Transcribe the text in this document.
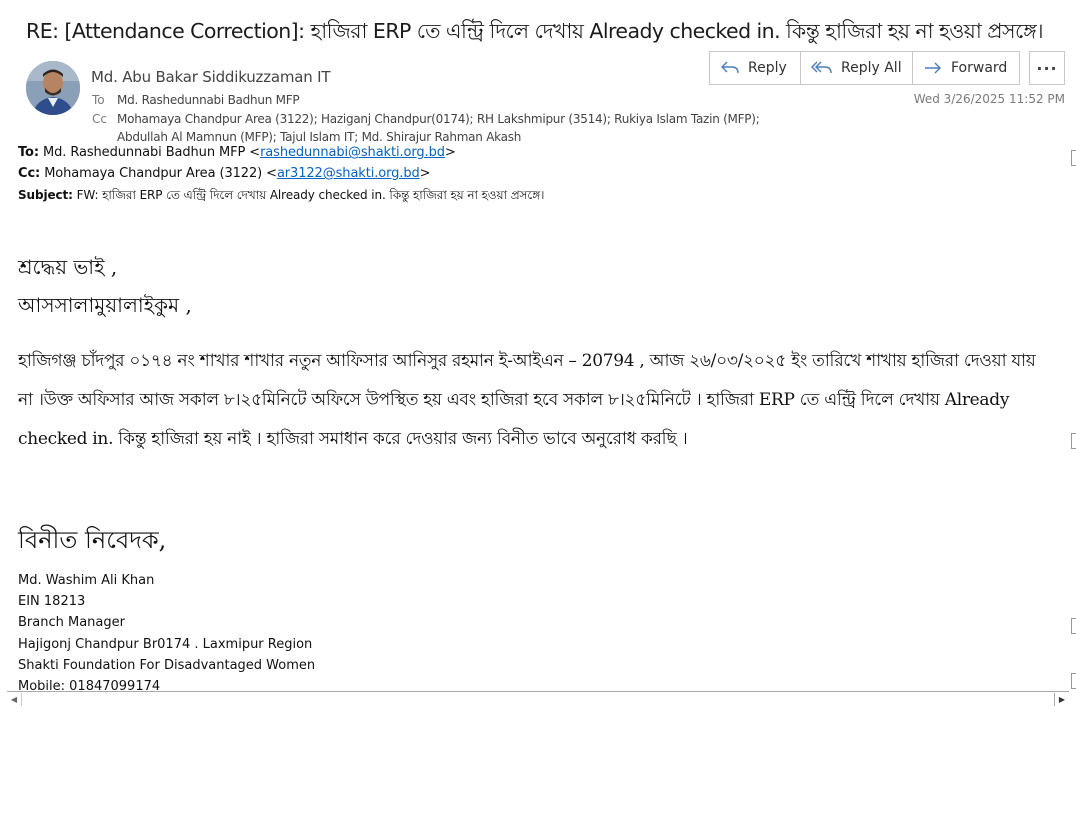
RE: [Attendance Correction]: হাজিরা ERP তে এন্ট্রি দিলে দেখায় Already checked in. কিন্তু হাজিরা হয় না হওয়া প্রসঙ্গে।
Md. Abu Bakar Siddikuzzaman IT
To Md. Rashedunnabi Badhun MFP
Cc Mohamaya Chandpur Area (3122); Haziganj Chandpur(0174); RH Lakshmipur (3514); Rukiya Islam Tazin (MFP);
Abdullah Al Mamnun (MFP); Tajul Islam IT; Md. Shirajur Rahman Akash
Reply	Reply All	Forward ···
Wed 3/26/2025 11:52 PM
To: Md. Rashedunnabi Badhun MFP <rashedunnabi@shakti.org.bd>
Cc: Mohamaya Chandpur Area (3122) <ar3122@shakti.org.bd>
Subject: FW: হাজিরা ERP তে এন্ট্রি দিলে দেখায় Already checked in. কিন্তু হাজিরা হয় না হওয়া প্রসঙ্গে।
শ্রদ্ধেয় ভাই ,
আসসালামুয়ালাইকুম ,
হাজিগঞ্জ চাঁদপুর ০১৭৪ নং শাখার শাখার নতুন আফিসার আনিসুর রহমান ই-আইএন – 20794 , আজ ২৬/০৩/২০২৫ ইং তারিখে শাখায় হাজিরা দেওয়া যায় না ।উক্ত অফিসার আজ সকাল ৮।২৫মিনিটে অফিসে উপস্থিত হয় এবং হাজিরা হবে সকাল ৮।২৫মিনিটে । হাজিরা ERP তে এন্ট্রি দিলে দেখায় Already checked in. কিন্তু হাজিরা হয় নাই । হাজিরা সমাধান করে দেওয়ার জন্য বিনীত ভাবে অনুরোধ করছি ।
বিনীত নিবেদক,
Md. Washim Ali Khan
EIN 18213
Branch Manager
Hajigonj Chandpur Br0174 . Laxmipur Region
Shakti Foundation For Disadvantaged Women
Mobile: 01847099174
◀	▶
